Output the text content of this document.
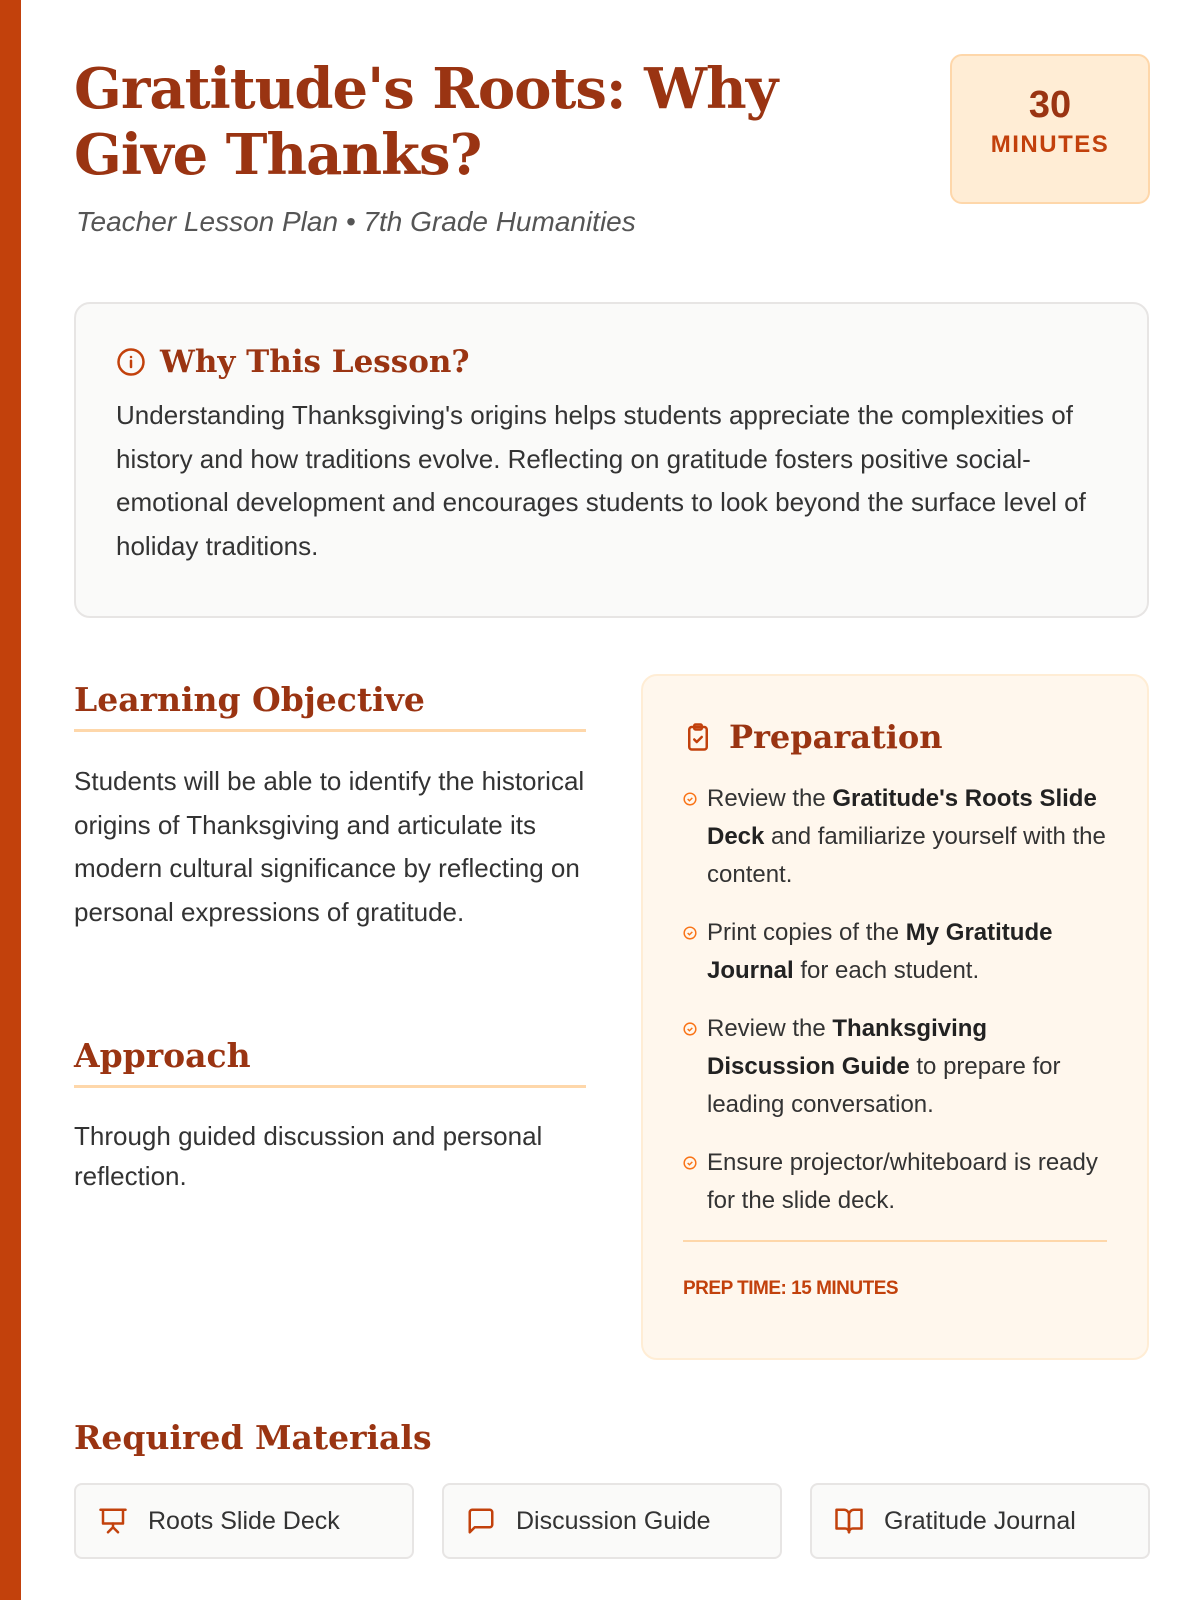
Gratitude's Roots: Why Give Thanks?
Teacher Lesson Plan • 7th Grade Humanities
30
MINUTES
Why This Lesson?

Understanding Thanksgiving's origins helps students appreciate the complexities of history and how traditions evolve. Reflecting on gratitude fosters positive social-emotional development and encourages students to look beyond the surface level of holiday traditions.

Learning Objective

Students will be able to identify the historical origins of Thanksgiving and articulate its modern cultural significance by reflecting on personal expressions of gratitude.

Approach

Through guided discussion and personal reflection.

Preparation
Review the Gratitude's Roots Slide Deck and familiarize yourself with the content.
Print copies of the My Gratitude Journal for each student.
Review the Thanksgiving Discussion Guide to prepare for leading conversation.
Ensure projector/whiteboard is ready for the slide deck.
PREP TIME: 15 MINUTES
Required Materials
Roots Slide Deck	Discussion Guide	Gratitude Journal
